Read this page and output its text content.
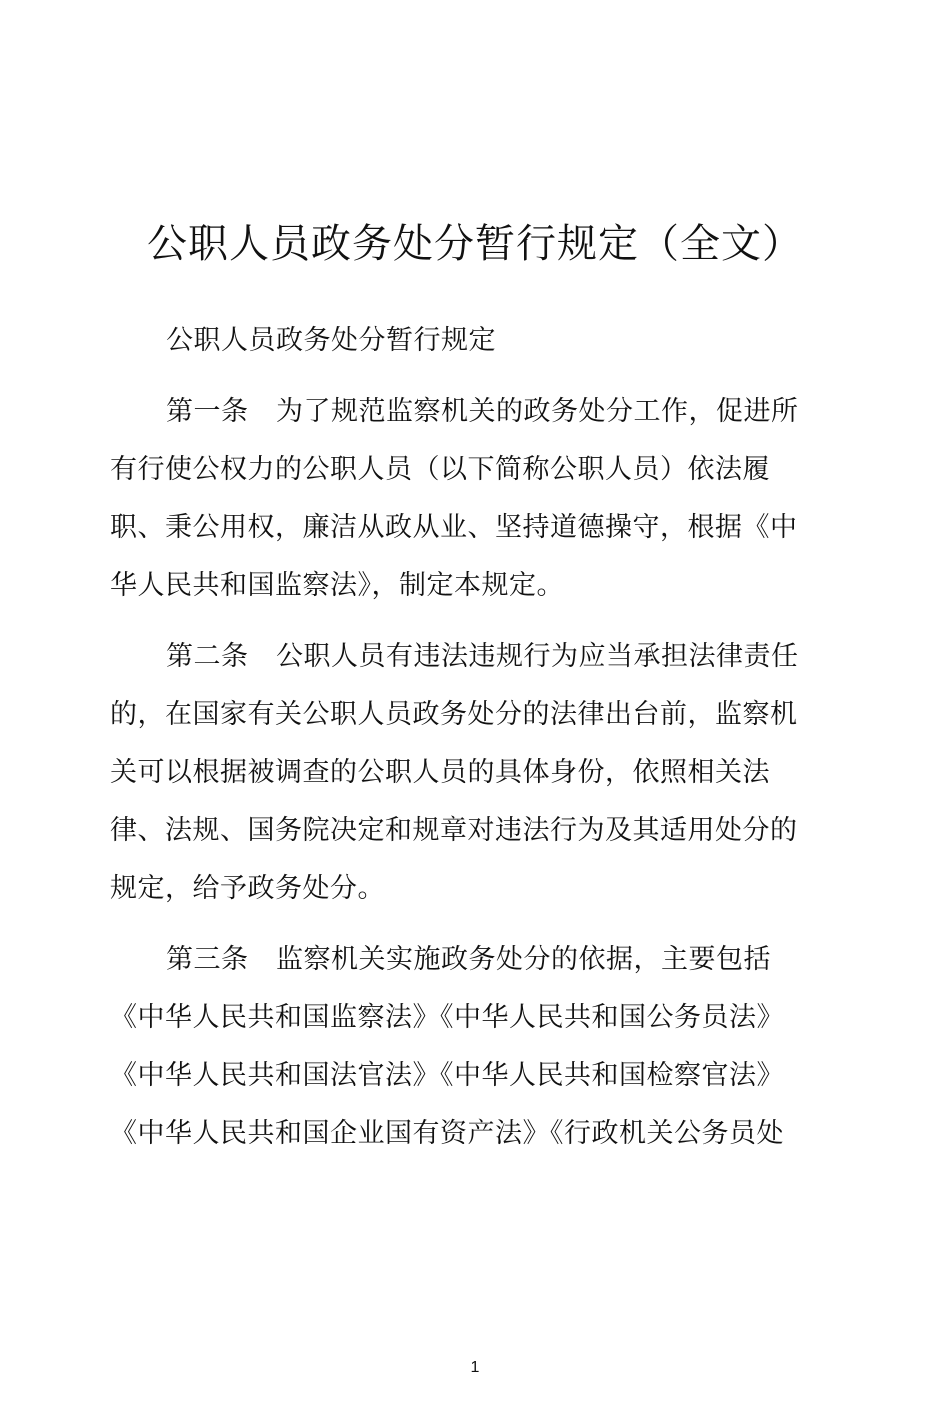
公职人员政务处分暂行规定（全文）

公职人员政务处分暂行规定

第一条　为了规范监察机关的政务处分工作，促进所
有行使公权力的公职人员（以下简称公职人员）依法履
职、秉公用权，廉洁从政从业、坚持道德操守，根据《中
华人民共和国监察法》，制定本规定。

第二条　公职人员有违法违规行为应当承担法律责任
的，在国家有关公职人员政务处分的法律出台前，监察机
关可以根据被调查的公职人员的具体身份，依照相关法
律、法规、国务院决定和规章对违法行为及其适用处分的
规定，给予政务处分。

第三条　监察机关实施政务处分的依据，主要包括
《中华人民共和国监察法》《中华人民共和国公务员法》
《中华人民共和国法官法》《中华人民共和国检察官法》
《中华人民共和国企业国有资产法》《行政机关公务员处

1
